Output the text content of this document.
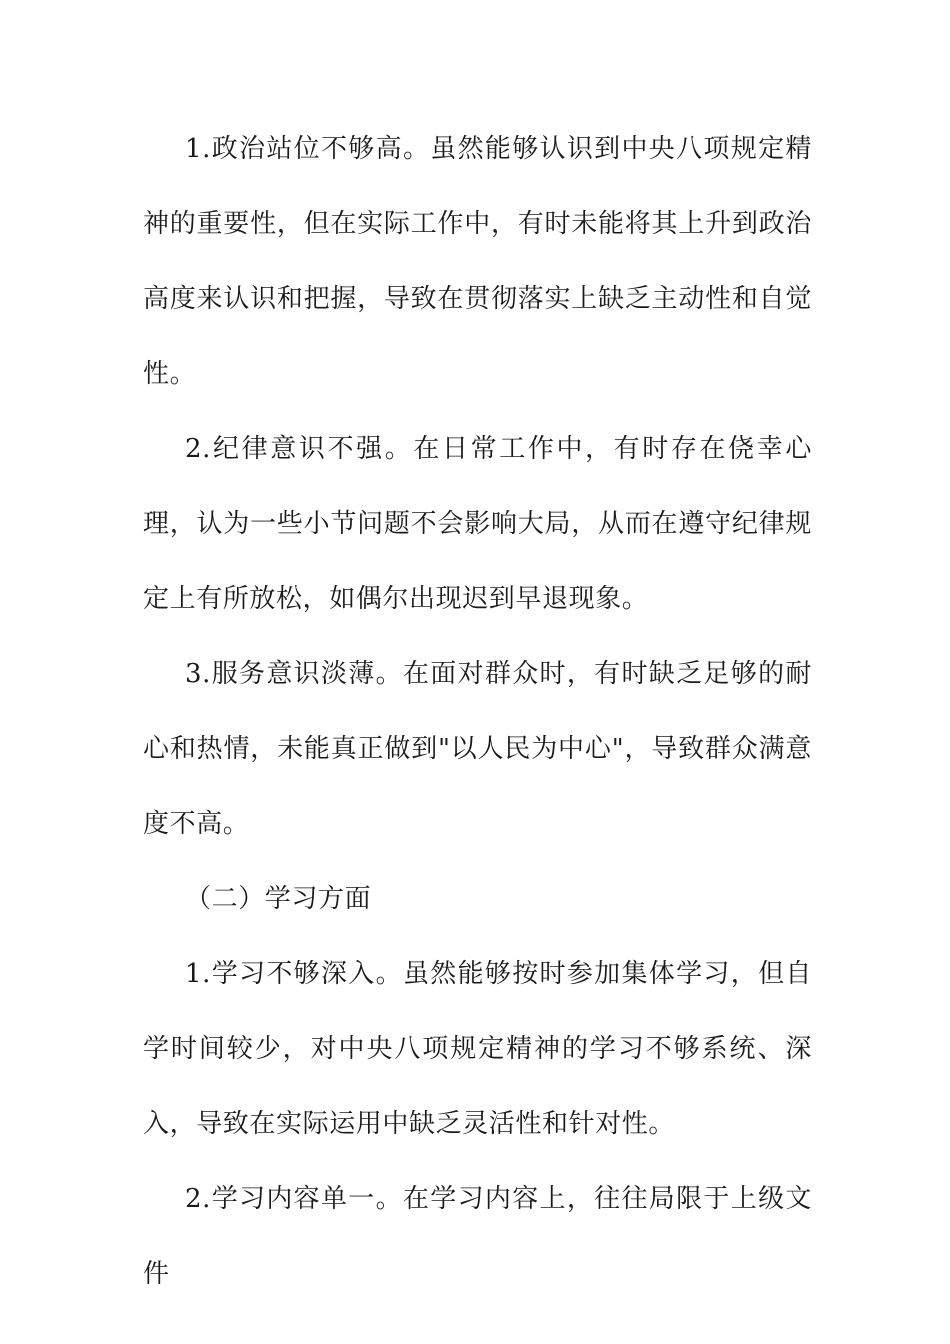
1.政治站位不够高。虽然能够认识到中央八项规定精神的重要性，但在实际工作中，有时未能将其上升到政治高度来认识和把握，导致在贯彻落实上缺乏主动性和自觉性。

2.纪律意识不强。在日常工作中，有时存在侥幸心理，认为一些小节问题不会影响大局，从而在遵守纪律规定上有所放松，如偶尔出现迟到早退现象。

3.服务意识淡薄。在面对群众时，有时缺乏足够的耐心和热情，未能真正做到"以人民为中心"，导致群众满意度不高。

（二）学习方面

1.学习不够深入。虽然能够按时参加集体学习，但自学时间较少，对中央八项规定精神的学习不够系统、深入，导致在实际运用中缺乏灵活性和针对性。

2.学习内容单一。在学习内容上，往往局限于上级文件
